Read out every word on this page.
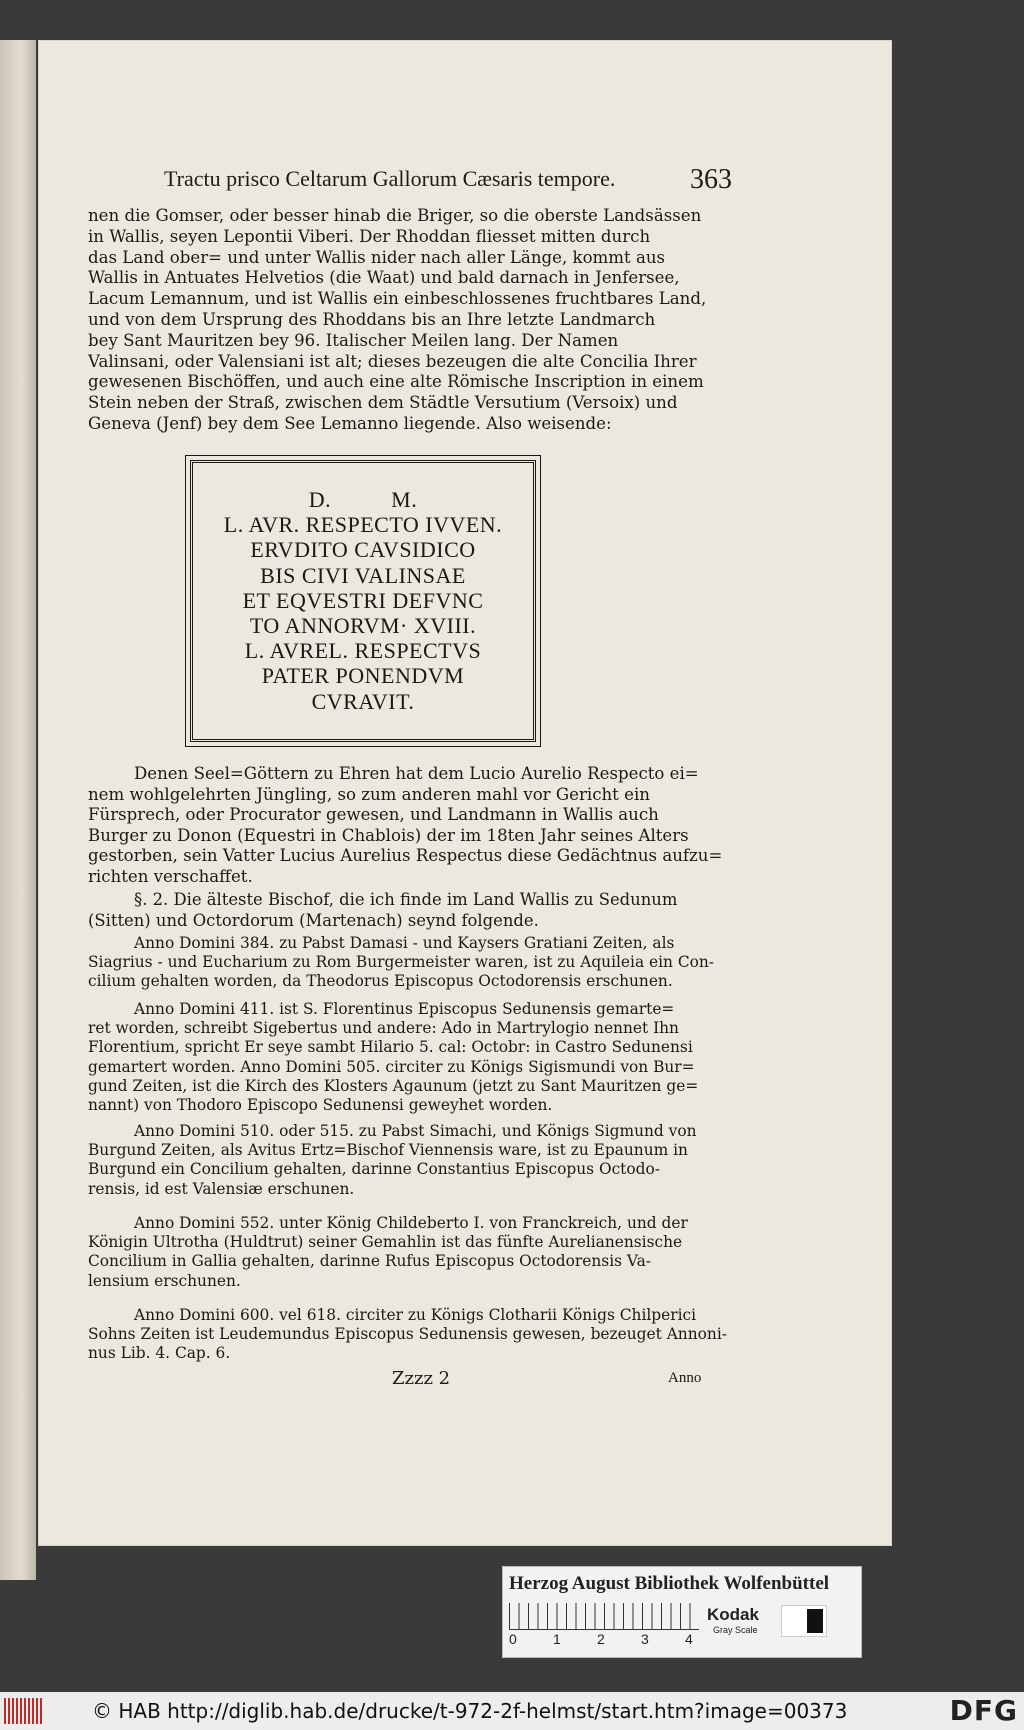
Tractu prisco Celtarum Gallorum Cæsaris tempore.	363
nen die Gomser, oder besser hinab die Briger, so die oberste Landsässen
in Wallis, seyen Lepontii Viberi. Der Rhoddan fliesset mitten durch
das Land ober= und unter Wallis nider nach aller Länge, kommt aus
Wallis in Antuates Helvetios (die Waat) und bald darnach in Jenfersee,
Lacum Lemannum, und ist Wallis ein einbeschlossenes fruchtbares Land,
und von dem Ursprung des Rhoddans bis an Ihre letzte Landmarch
bey Sant Mauritzen bey 96. Italischer Meilen lang. Der Namen
Valinsani, oder Valensiani ist alt; dieses bezeugen die alte Concilia Ihrer
gewesenen Bischöffen, und auch eine alte Römische Inscription in einem
Stein neben der Straß, zwischen dem Städtle Versutium (Versoix) und
Geneva (Jenf) bey dem See Lemanno liegende. Also weisende:
D.          M.
L. AVR. RESPECTO IVVEN.
ERVDITO CAVSIDICO
BIS CIVI VALINSAE
ET EQVESTRI DEFVNC
TO ANNORVM· XVIII.
L. AVREL. RESPECTVS
PATER PONENDVM
CVRAVIT.
Denen Seel=Göttern zu Ehren hat dem Lucio Aurelio Respecto ei=
nem wohlgelehrten Jüngling, so zum anderen mahl vor Gericht ein
Fürsprech, oder Procurator gewesen, und Landmann in Wallis auch
Burger zu Donon (Equestri in Chablois) der im 18ten Jahr seines Alters
gestorben, sein Vatter Lucius Aurelius Respectus diese Gedächtnus aufzu=
richten verschaffet.
§. 2. Die älteste Bischof, die ich finde im Land Wallis zu Sedunum
(Sitten) und Octordorum (Martenach) seynd folgende.
Anno Domini 384. zu Pabst Damasi - und Kaysers Gratiani Zeiten, als
Siagrius - und Eucharium zu Rom Burgermeister waren, ist zu Aquileia ein Con-
cilium gehalten worden, da Theodorus Episcopus Octodorensis erschunen.
Anno Domini 411. ist S. Florentinus Episcopus Sedunensis gemarte=
ret worden, schreibt Sigebertus und andere: Ado in Martrylogio nennet Ihn
Florentium, spricht Er seye sambt Hilario 5. cal: Octobr: in Castro Sedunensi
gemartert worden. Anno Domini 505. circiter zu Königs Sigismundi von Bur=
gund Zeiten, ist die Kirch des Klosters Agaunum (jetzt zu Sant Mauritzen ge=
nannt) von Thodoro Episcopo Sedunensi geweyhet worden.
Anno Domini 510. oder 515. zu Pabst Simachi, und Königs Sigmund von
Burgund Zeiten, als Avitus Ertz=Bischof Viennensis ware, ist zu Epaunum in
Burgund ein Concilium gehalten, darinne Constantius Episcopus Octodo-
rensis, id est Valensiæ erschunen.
Anno Domini 552. unter König Childeberto I. von Franckreich, und der
Königin Ultrotha (Huldtrut) seiner Gemahlin ist das fünfte Aurelianensische
Concilium in Gallia gehalten, darinne Rufus Episcopus Octodorensis Va-
lensium erschunen.
Anno Domini 600. vel 618. circiter zu Königs Clotharii Königs Chilperici
Sohns Zeiten ist Leudemundus Episcopus Sedunensis gewesen, bezeuget Annoni-
nus Lib. 4. Cap. 6.
Zzzz 2	Anno
Herzog August Bibliothek Wolfenbüttel
0	1	2	3	4
Kodak
Gray Scale
© HAB http://diglib.hab.de/drucke/t-972-2f-helmst/start.htm?image=00373	DFG
